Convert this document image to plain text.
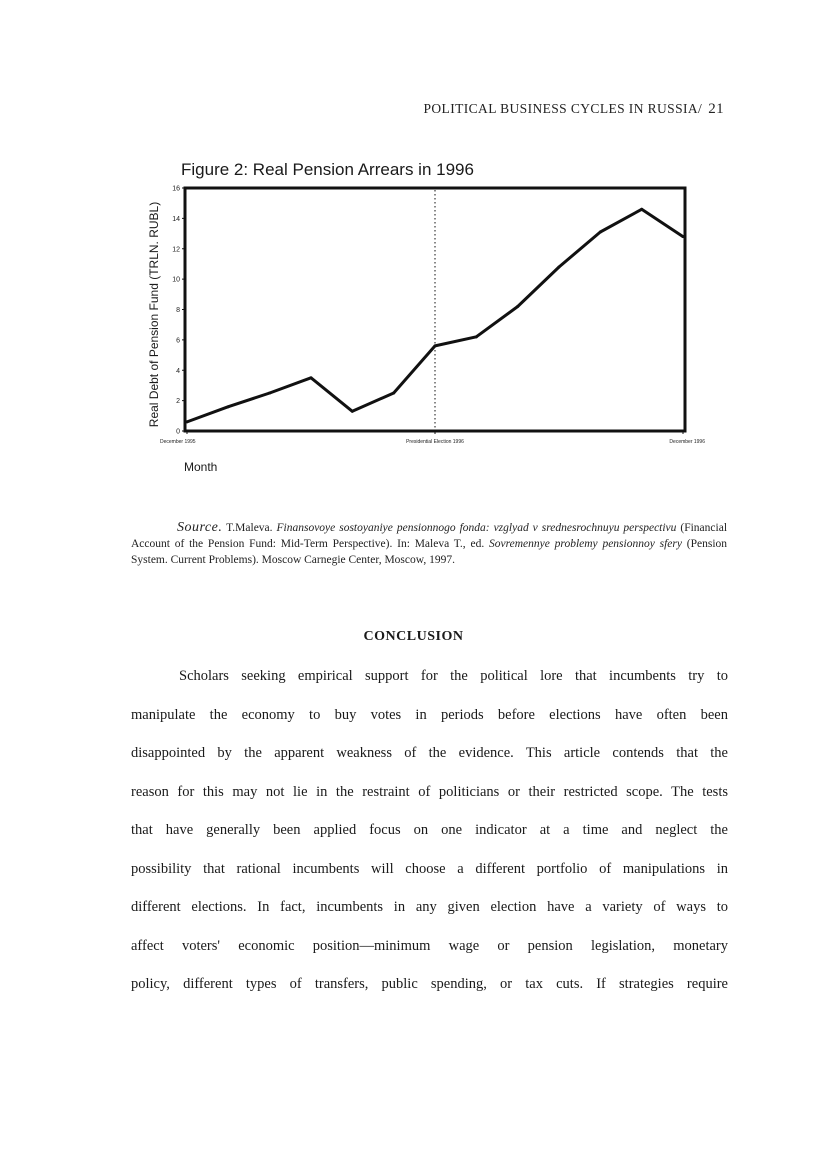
POLITICAL BUSINESS CYCLES IN RUSSIA/ 21
Figure 2: Real Pension Arrears in 1996
Real Debt of Pension Fund (TRLN. RUBL)
0
2
4
6
8
10
12
14
16
December 1995	Presidential Election 1996	December 1996
Month

Source. T.Maleva. Finansovoye sostoyaniye pensionnogo fonda: vzglyad v srednesrochnuyu perspectivu (Financial Account of the Pension Fund: Mid-Term Perspective). In: Maleva T., ed. Sovremennye problemy pensionnoy sfery (Pension System. Current Problems). Moscow Carnegie Center, Moscow, 1997.

CONCLUSION
Scholars seeking empirical support for the political lore that incumbents try to
manipulate the economy to buy votes in periods before elections have often been
disappointed by the apparent weakness of the evidence. This article contends that the
reason for this may not lie in the restraint of politicians or their restricted scope. The tests
that have generally been applied focus on one indicator at a time and neglect the
possibility that rational incumbents will choose a different portfolio of manipulations in
different elections. In fact, incumbents in any given election have a variety of ways to
affect voters' economic position—minimum wage or pension legislation, monetary
policy, different types of transfers, public spending, or tax cuts. If strategies require
